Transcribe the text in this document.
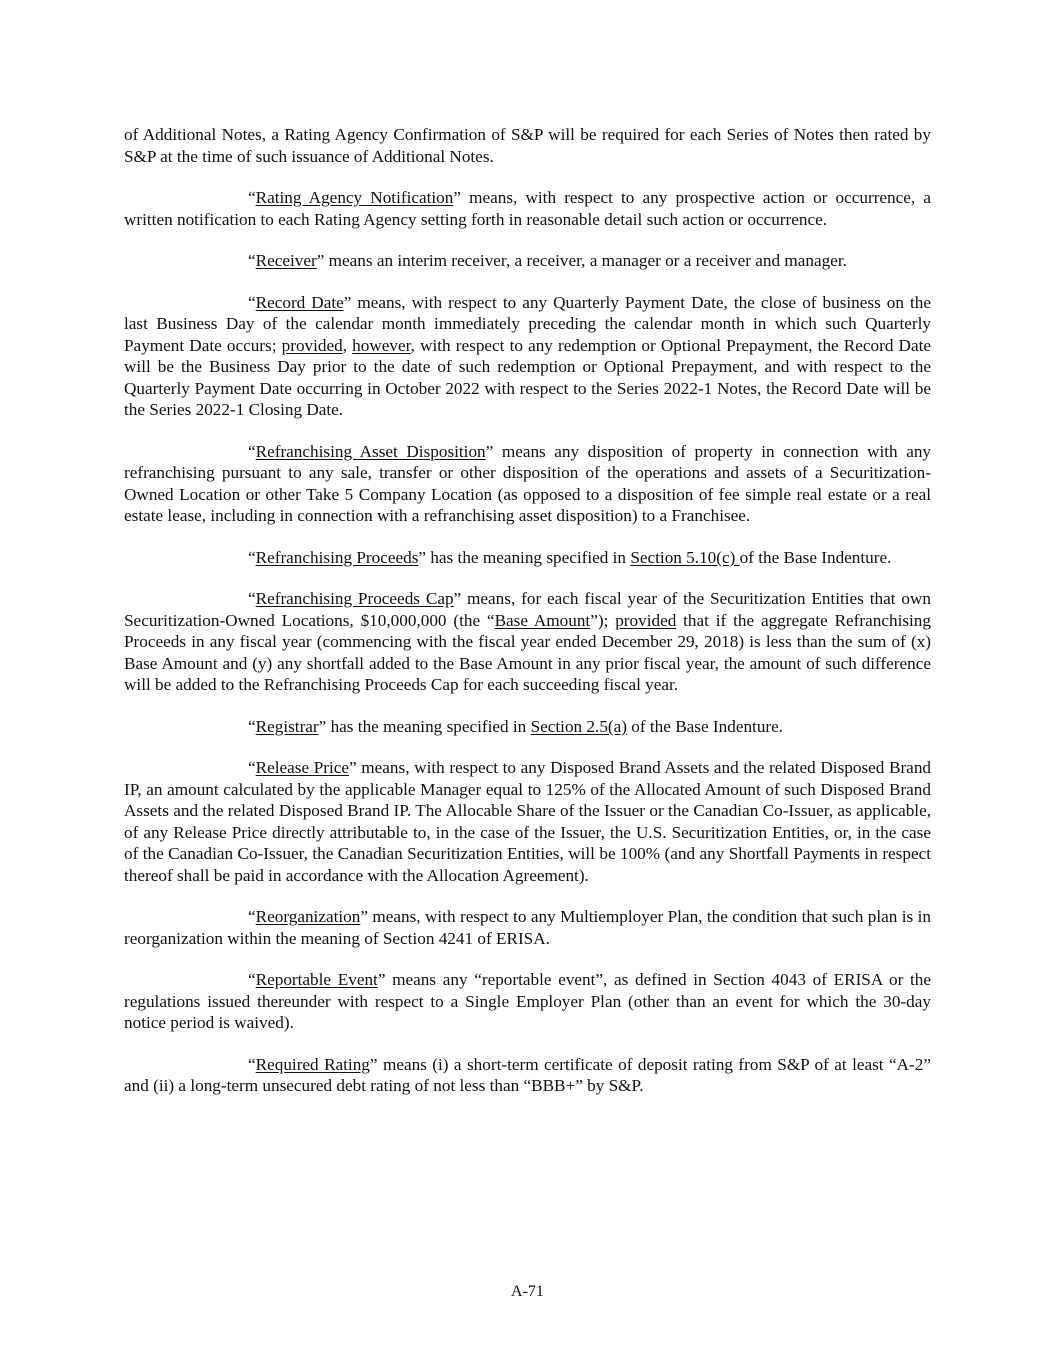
of Additional Notes, a Rating Agency Confirmation of S&P will be required for each Series of Notes then rated by S&P at the time of such issuance of Additional Notes.

“Rating Agency Notification” means, with respect to any prospective action or occurrence, a written notification to each Rating Agency setting forth in reasonable detail such action or occurrence.

“Receiver” means an interim receiver, a receiver, a manager or a receiver and manager.

“Record Date” means, with respect to any Quarterly Payment Date, the close of business on the last Business Day of the calendar month immediately preceding the calendar month in which such Quarterly Payment Date occurs; provided, however, with respect to any redemption or Optional Prepayment, the Record Date will be the Business Day prior to the date of such redemption or Optional Prepayment, and with respect to the Quarterly Payment Date occurring in October 2022 with respect to the Series 2022-1 Notes, the Record Date will be the Series 2022-1 Closing Date.

“Refranchising Asset Disposition” means any disposition of property in connection with any refranchising pursuant to any sale, transfer or other disposition of the operations and assets of a Securitization-Owned Location or other Take 5 Company Location (as opposed to a disposition of fee simple real estate or a real estate lease, including in connection with a refranchising asset disposition) to a Franchisee.

“Refranchising Proceeds” has the meaning specified in Section 5.10(c) of the Base Indenture.

“Refranchising Proceeds Cap” means, for each fiscal year of the Securitization Entities that own Securitization-Owned Locations, $10,000,000 (the “Base Amount”); provided that if the aggregate Refranchising Proceeds in any fiscal year (commencing with the fiscal year ended December 29, 2018) is less than the sum of (x) Base Amount and (y) any shortfall added to the Base Amount in any prior fiscal year, the amount of such difference will be added to the Refranchising Proceeds Cap for each succeeding fiscal year.

“Registrar” has the meaning specified in Section 2.5(a) of the Base Indenture.

“Release Price” means, with respect to any Disposed Brand Assets and the related Disposed Brand IP, an amount calculated by the applicable Manager equal to 125% of the Allocated Amount of such Disposed Brand Assets and the related Disposed Brand IP. The Allocable Share of the Issuer or the Canadian Co-Issuer, as applicable, of any Release Price directly attributable to, in the case of the Issuer, the U.S. Securitization Entities, or, in the case of the Canadian Co-Issuer, the Canadian Securitization Entities, will be 100% (and any Shortfall Payments in respect thereof shall be paid in accordance with the Allocation Agreement).

“Reorganization” means, with respect to any Multiemployer Plan, the condition that such plan is in reorganization within the meaning of Section 4241 of ERISA.

“Reportable Event” means any “reportable event”, as defined in Section 4043 of ERISA or the regulations issued thereunder with respect to a Single Employer Plan (other than an event for which the 30-day notice period is waived).

“Required Rating” means (i) a short-term certificate of deposit rating from S&P of at least “A-2” and (ii) a long-term unsecured debt rating of not less than “BBB+” by S&P.

A-71
